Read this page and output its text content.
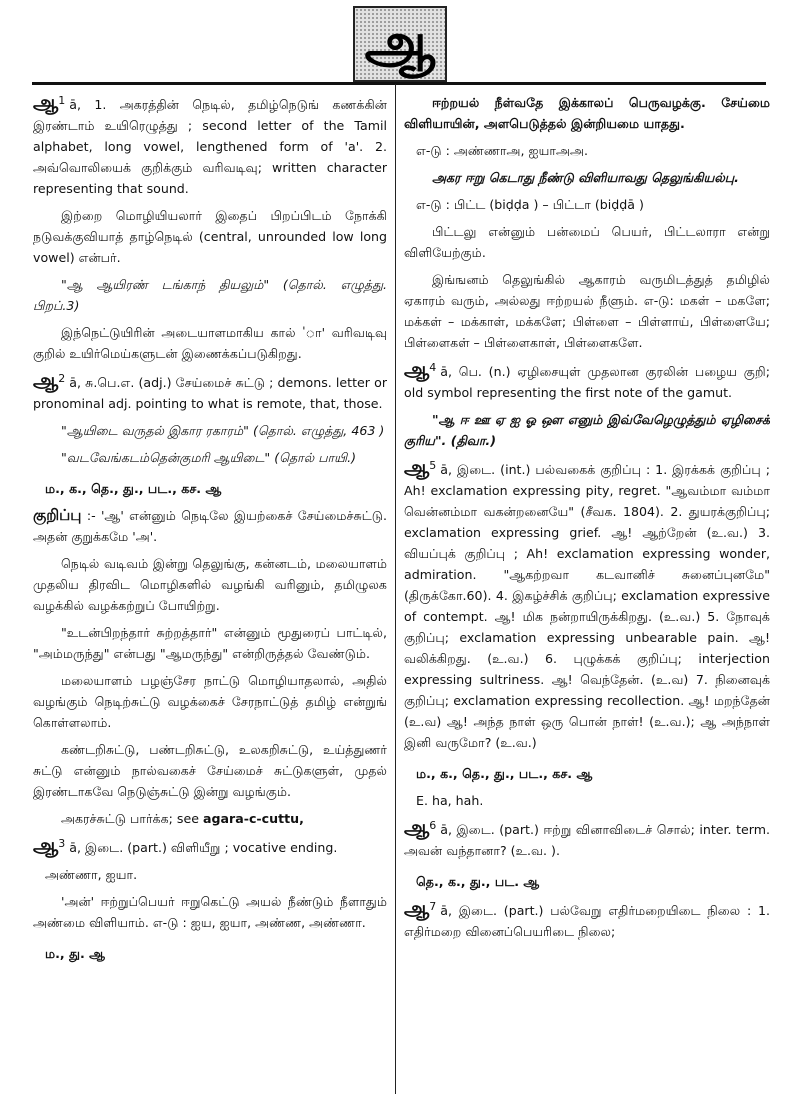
ஆ

ஆ1 ā, 1. அகரத்தின் நெடில், தமிழ்நெடுங் கணக்கின் இரண்டாம் உயிரெழுத்து ; second letter of the Tamil alphabet, long vowel, lengthened form of 'a'. 2. அவ்வொலியைக் குறிக்கும் வரிவடிவு; written character representing that sound.

இற்றை மொழியியலார் இதைப் பிறப்பிடம் நோக்கி நடுவக்குவியாத் தாழ்நெடில் (central, unrounded low long vowel) என்பர்.

"ஆ ஆயிரண் டங்காந் தியலும்" (தொல். எழுத்து. பிறப்.3)

இந்நெட்டுயிரின் அடையாளமாகிய கால் 'ா' வரிவடிவு குறில் உயிர்மெய்களுடன் இணைக்கப்படுகிறது.

ஆ2 ā, சு.பெ.எ. (adj.) சேய்மைச் சுட்டு ; demons. letter or pronominal adj. pointing to what is remote, that, those.

"ஆயிடை வருதல் இகார ரகாரம்" (தொல். எழுத்து, 463 )

"வடவேங்கடம்தென்குமரி ஆயிடை" (தொல் பாயி.)

ம., க., தெ., து., பட., கச. ஆ

குறிப்பு :- 'ஆ' என்னும் நெடிலே இயற்கைச் சேய்மைச்சுட்டு. அதன் குறுக்கமே 'அ'.

நெடில் வடிவம் இன்று தெலுங்கு, கன்னடம், மலையாளம் முதலிய திரவிட மொழிகளில் வழங்கி வரினும், தமிழுலக வழக்கில் வழக்கற்றுப் போயிற்று.

"உடன்பிறந்தார் சுற்றத்தார்" என்னும் மூதுரைப் பாட்டில், "அம்மருந்து" என்பது "ஆமருந்து" என்றிருத்தல் வேண்டும்.

மலையாளம் பழஞ்சேர நாட்டு மொழியாதலால், அதில் வழங்கும் நெடிற்சுட்டு வழக்கைச் சேரநாட்டுத் தமிழ் என்றுங் கொள்ளலாம்.

கண்டறிசுட்டு, பண்டறிசுட்டு, உலகறிசுட்டு, உய்த்துணர் சுட்டு என்னும் நால்வகைச் சேய்மைச் சுட்டுகளுள், முதல் இரண்டாகவே நெடுஞ்சுட்டு இன்று வழங்கும்.

அகரச்சுட்டு பார்க்க; see agara-c-cuttu,

ஆ3 ā, இடை. (part.) விளியீறு ; vocative ending.

அண்ணா, ஐயா.

'அன்' ஈற்றுப்பெயர் ஈறுகெட்டு அயல் நீண்டும் நீளாதும் அண்மை விளியாம். எ-டு : ஐய, ஐயா, அண்ண, அண்ணா.

ம., து. ஆ

ஈற்றயல் நீள்வதே இக்காலப் பெருவழக்கு. சேய்மை விளியாயின், அளபெடுத்தல் இன்றியமை யாதது.

எ-டு : அண்ணாஅ, ஐயாஅஅ.

அகர ஈறு கெடாது நீண்டு விளியாவது தெலுங்கியல்பு.

எ-டு : பிட்ட (biḍḍa ) – பிட்டா (biḍḍā )

பிட்டலு என்னும் பன்மைப் பெயர், பிட்டலாரா என்று விளியேற்கும்.

இங்ஙனம் தெலுங்கில் ஆகாரம் வருமிடத்துத் தமிழில் ஏகாரம் வரும், அல்லது ஈற்றயல் நீளும். எ-டு: மகள் – மகளே; மக்கள் – மக்காள், மக்களே; பிள்ளை – பிள்ளாய், பிள்ளையே; பிள்ளைகள் – பிள்ளைகாள், பிள்ளைகளே.

ஆ4 ā, பெ. (n.) ஏழிசையுள் முதலான குரலின் பழைய குறி; old symbol representing the first note of the gamut.

"ஆ ஈ ஊ ஏ ஐ ஓ ஔ எனும் இவ்வேழெழுத்தும் ஏழிசைக் குரிய". (திவா.)

ஆ5 ā, இடை. (int.) பல்வகைக் குறிப்பு : 1. இரக்கக் குறிப்பு ; Ah! exclamation expressing pity, regret. "ஆவம்மா வம்மா வென்னம்மா வகன்றனையே" (சீவக. 1804). 2. துயரக்குறிப்பு; exclamation expressing grief. ஆ! ஆற்றேன் (உ.வ.) 3. வியப்புக் குறிப்பு ; Ah! exclamation expressing wonder, admiration. "ஆகற்றவா கடவானிச் சுனைப்புனமே" (திருக்கோ.60). 4. இகழ்ச்சிக் குறிப்பு; exclamation expressive of contempt. ஆ! மிக நன்றாயிருக்கிறது. (உ.வ.) 5. நோவுக் குறிப்பு; exclamation expressing unbearable pain. ஆ! வலிக்கிறது. (உ.வ.) 6. புழுக்கக் குறிப்பு; interjection expressing sultriness. ஆ! வெந்தேன். (உ.வ) 7. நினைவுக் குறிப்பு; exclamation expressing recollection. ஆ! மறந்தேன் (உ.வ) ஆ! அந்த நாள் ஒரு பொன் நாள்! (உ.வ.); ஆ அந்நாள் இனி வருமோ? (உ.வ.)

ம., க., தெ., து., பட., கச. ஆ

E. ha, hah.

ஆ6 ā, இடை. (part.) ஈற்று வினாவிடைச் சொல்; inter. term. அவன் வந்தானா? (உ.வ. ).

தெ., க., து., பட. ஆ

ஆ7 ā, இடை. (part.) பல்வேறு எதிர்மறையிடை நிலை : 1. எதிர்மறை வினைப்பெயரிடை நிலை;
